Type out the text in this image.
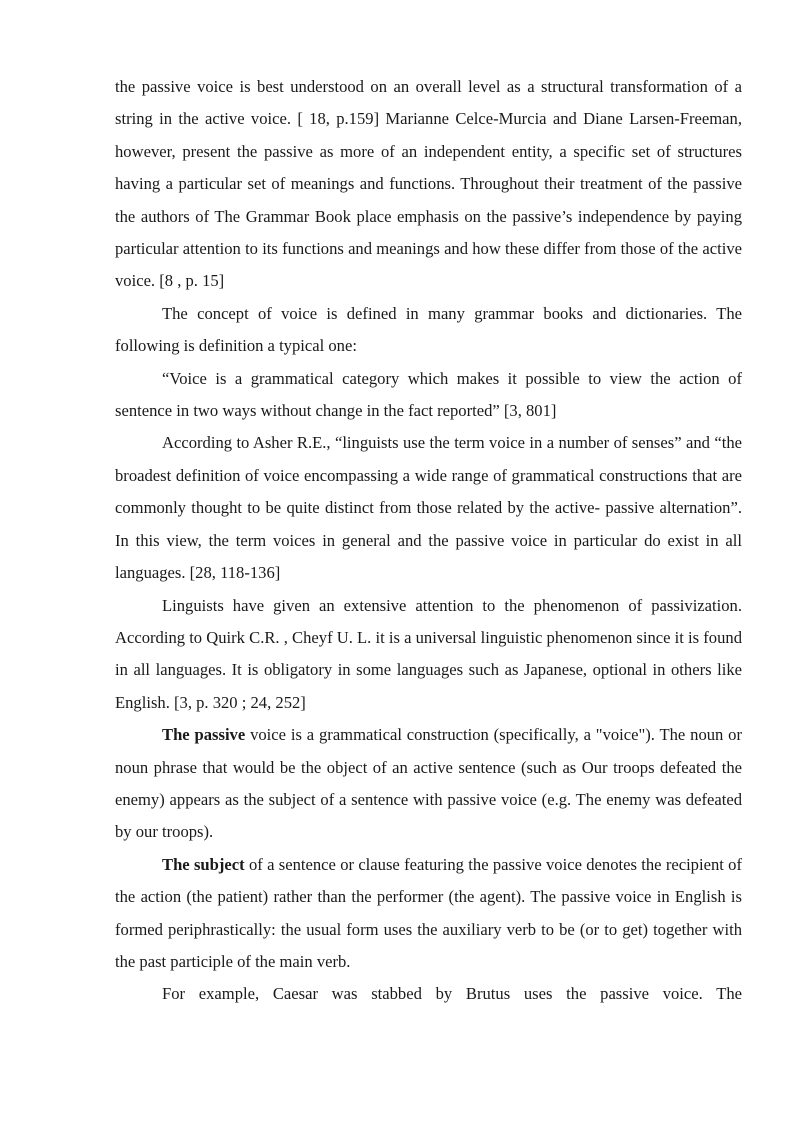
the passive voice is best understood on an overall level as a structural transformation of a string in the active voice. [ 18, p.159] Marianne Celce-Murcia and Diane Larsen-Freeman, however, present the passive as more of an independent entity, a specific set of structures having a particular set of meanings and functions. Throughout their treatment of the passive the authors of The Grammar Book place emphasis on the passive’s independence by paying particular attention to its functions and meanings and how these differ from those of the active voice. [8 , p. 15]

The concept of voice is defined in many grammar books and dictionaries. The following is definition a typical one:

“Voice is a grammatical category which makes it possible to view the action of sentence in two ways without change in the fact reported” [3, 801]

According to Asher R.E., “linguists use the term voice in a number of senses” and “the broadest definition of voice encompassing a wide range of grammatical constructions that are commonly thought to be quite distinct from those related by the active- passive alternation”. In this view, the term voices in general and the passive voice in particular do exist in all languages. [28, 118-136]

Linguists have given an extensive attention to the phenomenon of passivization. According to Quirk C.R. , Cheyf U. L. it is a universal linguistic phenomenon since it is found in all languages. It is obligatory in some languages such as Japanese, optional in others like English. [3, p. 320 ; 24, 252]

The passive voice is a grammatical construction (specifically, a "voice"). The noun or noun phrase that would be the object of an active sentence (such as Our troops defeated the enemy) appears as the subject of a sentence with passive voice (e.g. The enemy was defeated by our troops).

The subject of a sentence or clause featuring the passive voice denotes the recipient of the action (the patient) rather than the performer (the agent). The passive voice in English is formed periphrastically: the usual form uses the auxiliary verb to be (or to get) together with the past participle of the main verb.

For example, Caesar was stabbed by Brutus uses the passive voice. The
